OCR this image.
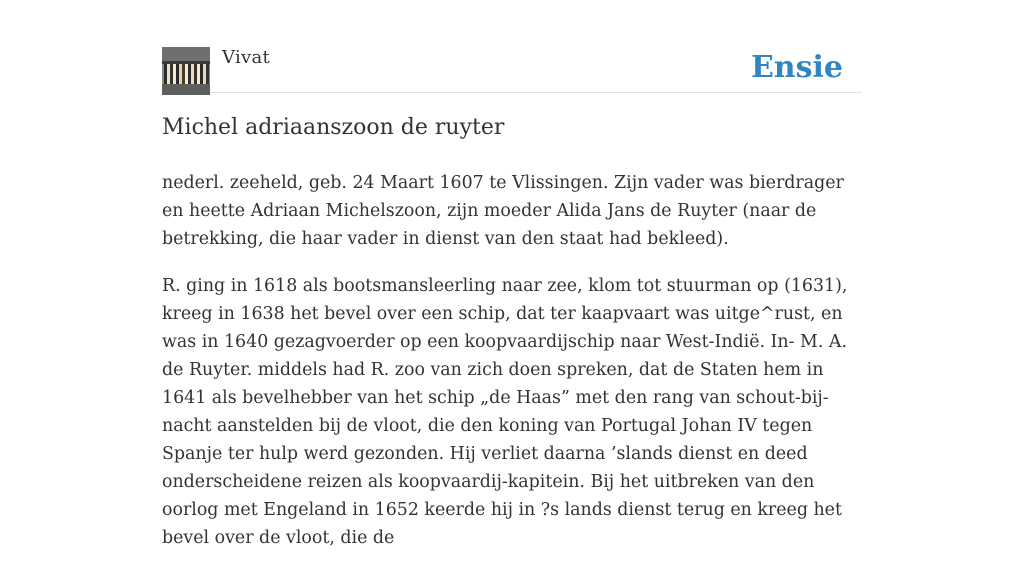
Vivat	Ensie
Michel adriaanszoon de ruyter

nederl. zeeheld, geb. 24 Maart 1607 te Vlissingen. Zijn vader was bierdrager en heette Adriaan Michelszoon, zijn moeder Alida Jans de Ruyter (naar de betrekking, die haar vader in dienst van den staat had bekleed).

R. ging in 1618 als bootsmansleerling naar zee, klom tot stuurman op (1631), kreeg in 1638 het bevel over een schip, dat ter kaapvaart was uitge^rust, en was in 1640 gezagvoerder op een koopvaardijschip naar West-Indië. In- M. A. de Ruyter. middels had R. zoo van zich doen spreken, dat de Staten hem in 1641 als bevelhebber van het schip „de Haas” met den rang van schout-bij-nacht aanstelden bij de vloot, die den koning van Portugal Johan IV tegen Spanje ter hulp werd gezonden. Hij verliet daarna ’slands dienst en deed onderscheidene reizen als koopvaardij-kapitein. Bij het uitbreken van den oorlog met Engeland in 1652 keerde hij in ?s lands dienst terug en kreeg het bevel over de vloot, die de
